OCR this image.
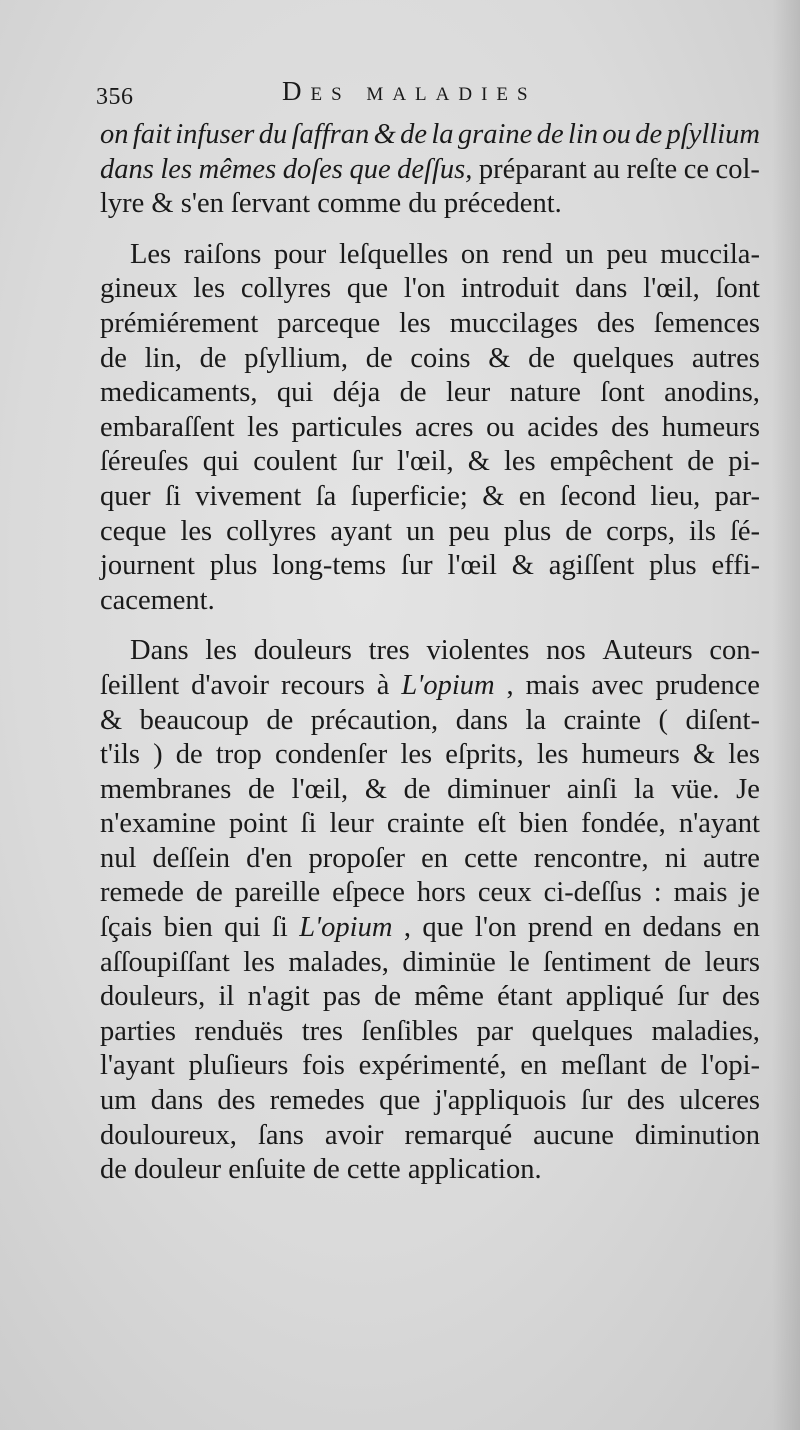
356	Des maladies
on fait infuser du ſaffran & de la graine de lin ou de pſyllium
dans les mêmes doſes que deſſus, préparant au reſte ce col-
lyre & s'en ſervant comme du précedent.
Les raiſons pour leſquelles on rend un peu muccila-
gineux les collyres que l'on introduit dans l'œil, ſont
prémiérement parceque les muccilages des ſemences
de lin, de pſyllium, de coins & de quelques autres
medicaments, qui déja de leur nature ſont anodins,
embaraſſent les particules acres ou acides des humeurs
ſéreuſes qui coulent ſur l'œil, & les empêchent de pi-
quer ſi vivement ſa ſuperficie; & en ſecond lieu, par-
ceque les collyres ayant un peu plus de corps, ils ſé-
journent plus long-tems ſur l'œil & agiſſent plus effi-
cacement.
Dans les douleurs tres violentes nos Auteurs con-
ſeillent d'avoir recours à L'opium , mais avec prudence
& beaucoup de précaution, dans la crainte ( diſent-
t'ils ) de trop condenſer les eſprits, les humeurs & les
membranes de l'œil, & de diminuer ainſi la vüe. Je
n'examine point ſi leur crainte eſt bien fondée, n'ayant
nul deſſein d'en propoſer en cette rencontre, ni autre
remede de pareille eſpece hors ceux ci-deſſus : mais je
ſçais bien qui ſi L'opium , que l'on prend en dedans en
aſſoupiſſant les malades, diminüe le ſentiment de leurs
douleurs, il n'agit pas de même étant appliqué ſur des
parties renduës tres ſenſibles par quelques maladies,
l'ayant pluſieurs fois expérimenté, en meſlant de l'opi-
um dans des remedes que j'appliquois ſur des ulceres
douloureux, ſans avoir remarqué aucune diminution
de douleur enſuite de cette application.
